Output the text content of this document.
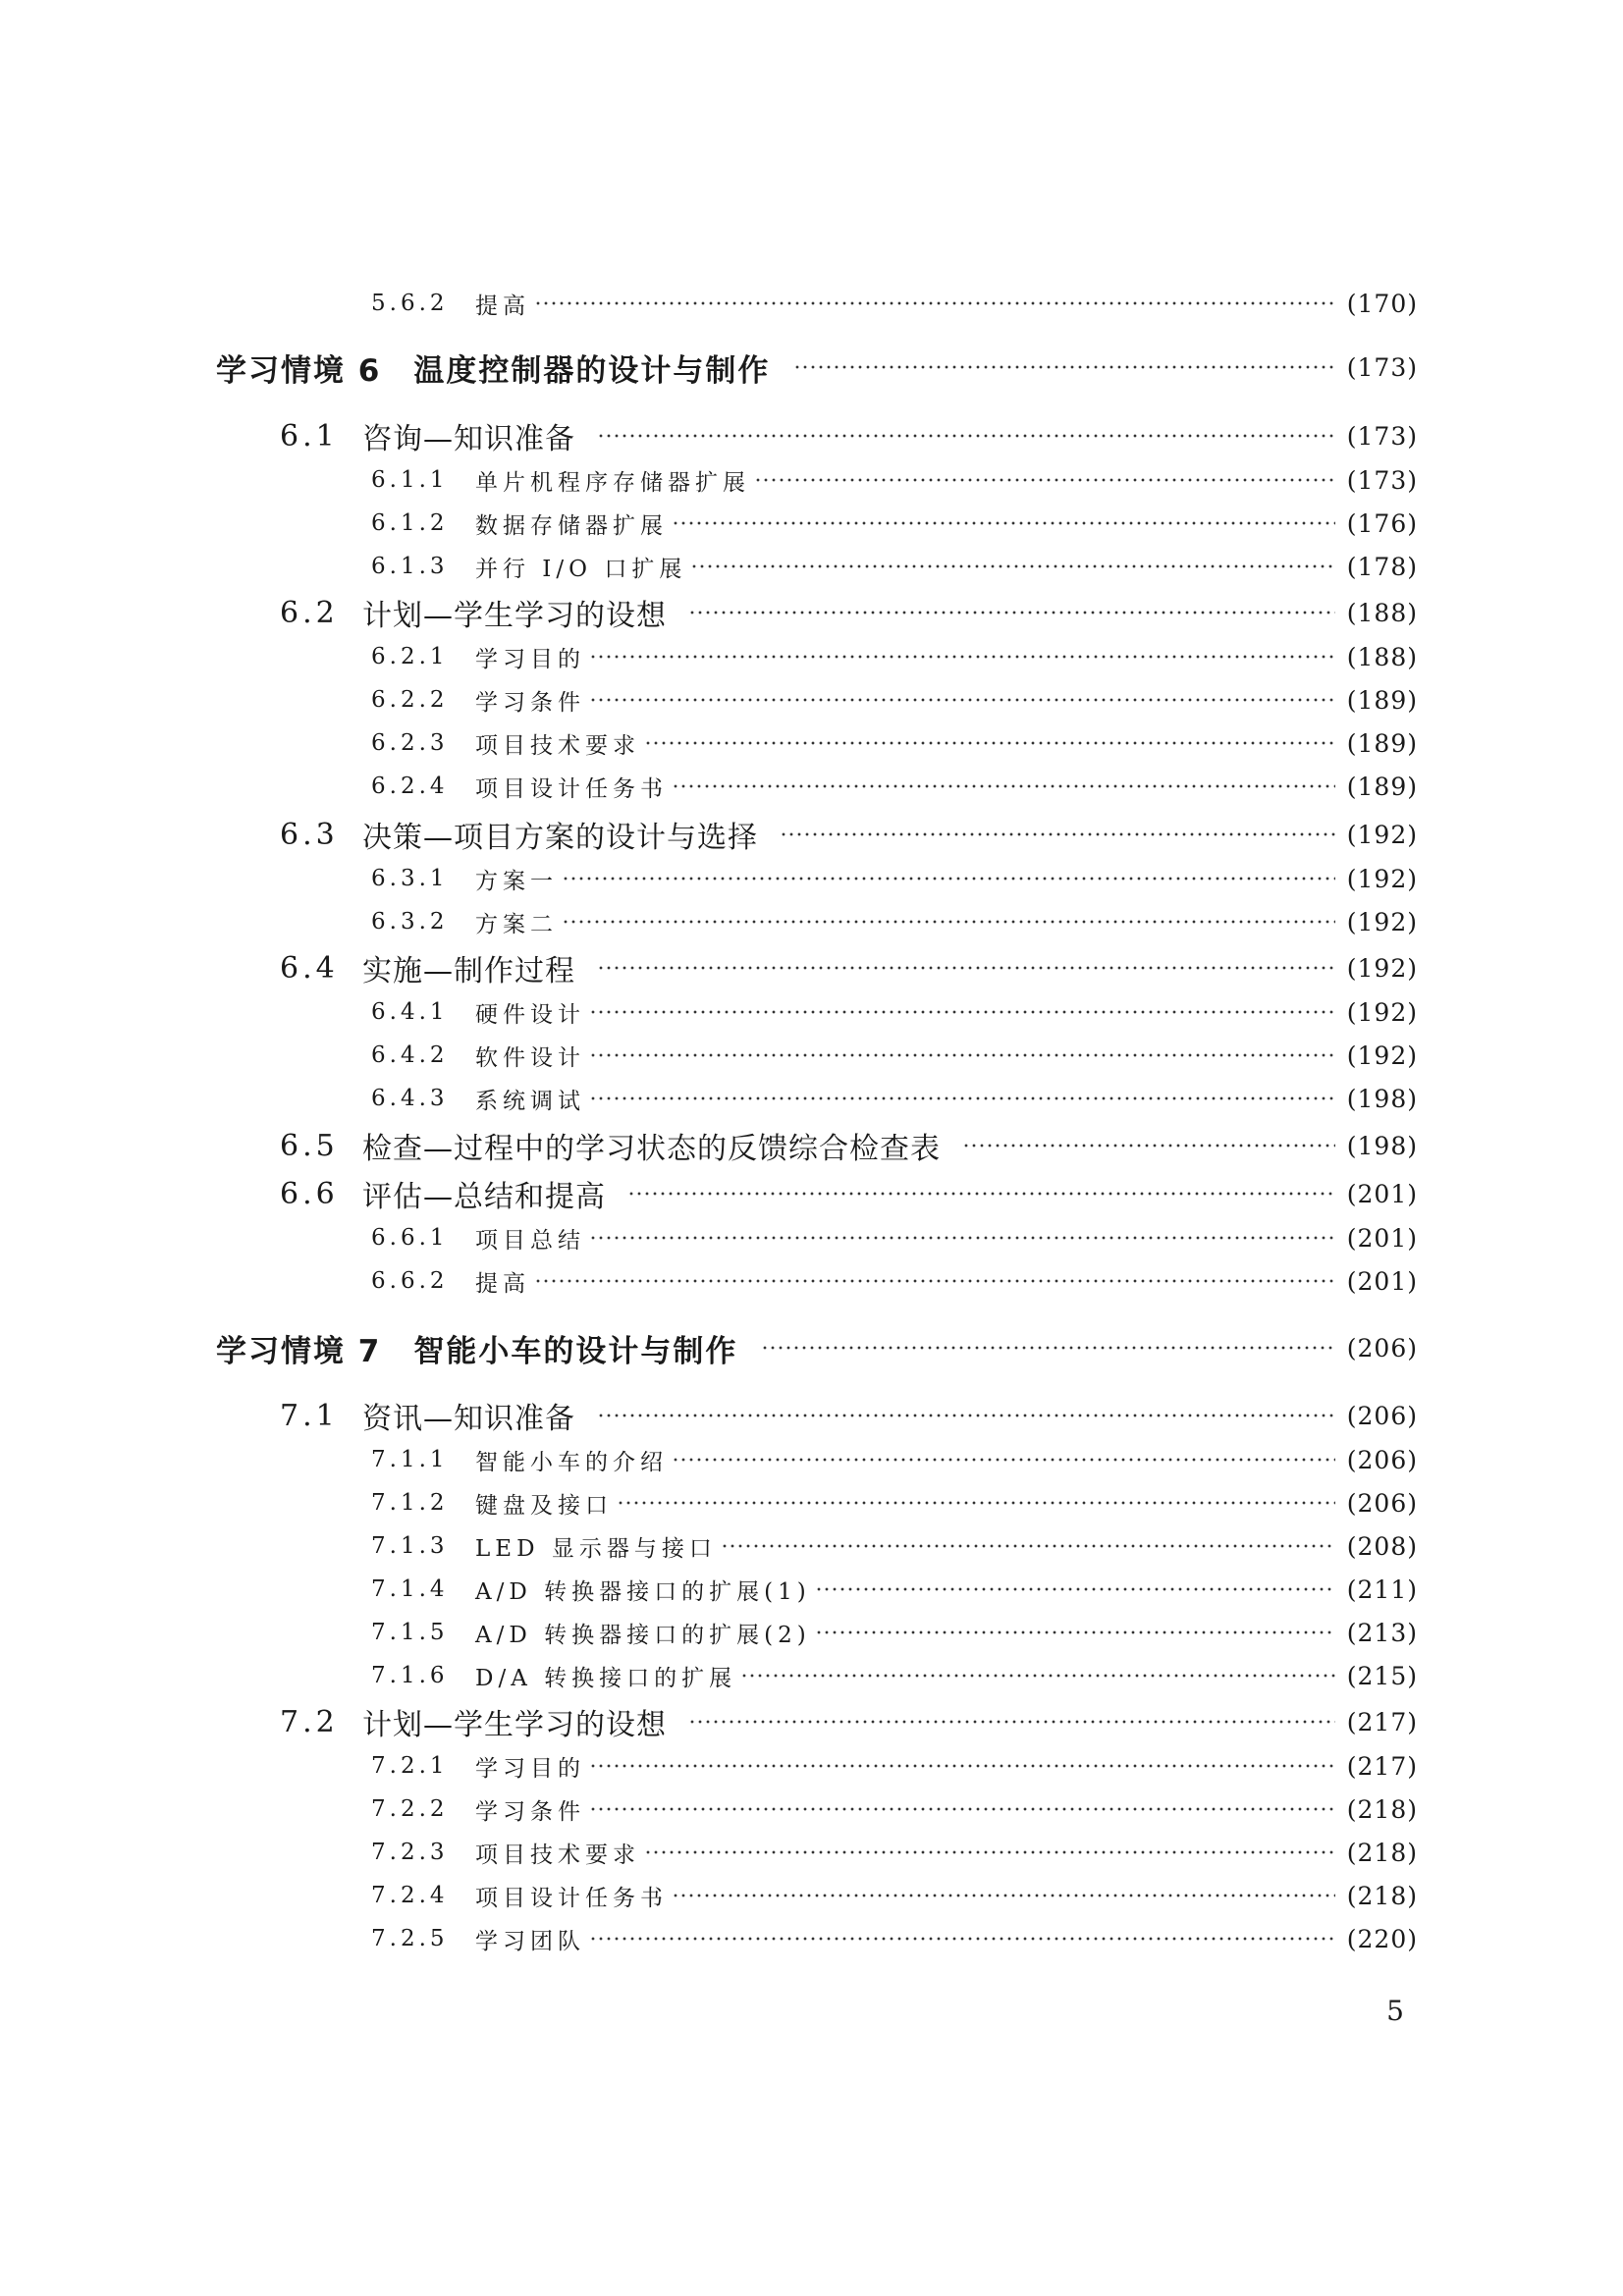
5.6.2	提高	(170)
学习情境 6　温度控制器的设计与制作	(173)
6.1 咨询—知识准备	(173)
6.1.1	单片机程序存储器扩展	(173)
6.1.2	数据存储器扩展	(176)
6.1.3	并行 I/O 口扩展	(178)
6.2 计划—学生学习的设想	(188)
6.2.1	学习目的	(188)
6.2.2	学习条件	(189)
6.2.3	项目技术要求	(189)
6.2.4	项目设计任务书	(189)
6.3 决策—项目方案的设计与选择	(192)
6.3.1	方案一	(192)
6.3.2	方案二	(192)
6.4 实施—制作过程	(192)
6.4.1	硬件设计	(192)
6.4.2	软件设计	(192)
6.4.3	系统调试	(198)
6.5 检查—过程中的学习状态的反馈综合检查表	(198)
6.6 评估—总结和提高	(201)
6.6.1	项目总结	(201)
6.6.2	提高	(201)
学习情境 7　智能小车的设计与制作	(206)
7.1 资讯—知识准备	(206)
7.1.1	智能小车的介绍	(206)
7.1.2	键盘及接口	(206)
7.1.3	LED 显示器与接口	(208)
7.1.4	A/D 转换器接口的扩展(1)	(211)
7.1.5	A/D 转换器接口的扩展(2)	(213)
7.1.6	D/A 转换接口的扩展	(215)
7.2 计划—学生学习的设想	(217)
7.2.1	学习目的	(217)
7.2.2	学习条件	(218)
7.2.3	项目技术要求	(218)
7.2.4	项目设计任务书	(218)
7.2.5	学习团队	(220)
5
